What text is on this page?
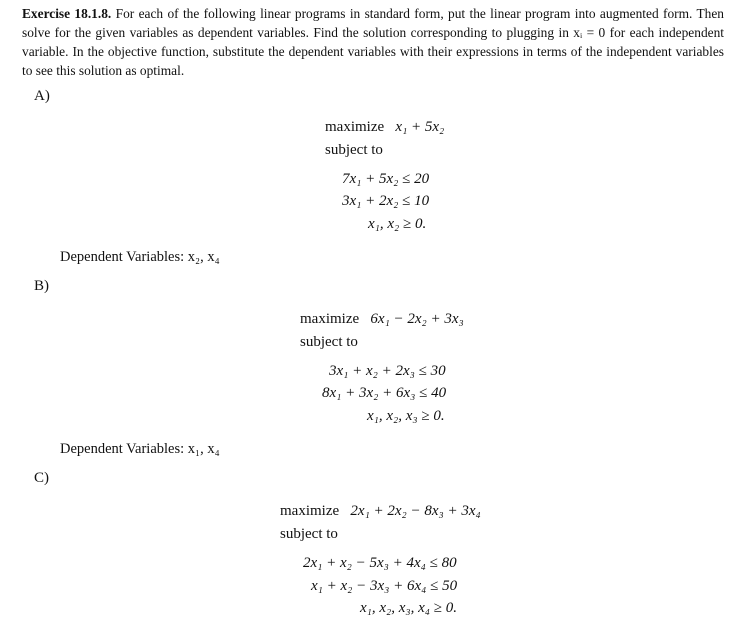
Exercise 18.1.8. For each of the following linear programs in standard form, put the linear program into augmented form. Then solve for the given variables as dependent variables. Find the solution corresponding to plugging in xᵢ = 0 for each independent variable. In the objective function, substitute the dependent variables with their expressions in terms of the independent variables to see this solution as optimal.
A)
maximize x₁ + 5x₂
subject to
7x₁ + 5x₂ ≤ 20
3x₁ + 2x₂ ≤ 10
x₁, x₂ ≥ 0.
Dependent Variables: x₂, x₄
B)
maximize 6x₁ − 2x₂ + 3x₃
subject to
3x₁ + x₂ + 2x₃ ≤ 30
8x₁ + 3x₂ + 6x₃ ≤ 40
x₁, x₂, x₃ ≥ 0.
Dependent Variables: x₁, x₄
C)
maximize 2x₁ + 2x₂ − 8x₃ + 3x₄
subject to
2x₁ + x₂ − 5x₃ + 4x₄ ≤ 80
x₁ + x₂ − 3x₃ + 6x₄ ≤ 50
x₁, x₂, x₃, x₄ ≥ 0.
